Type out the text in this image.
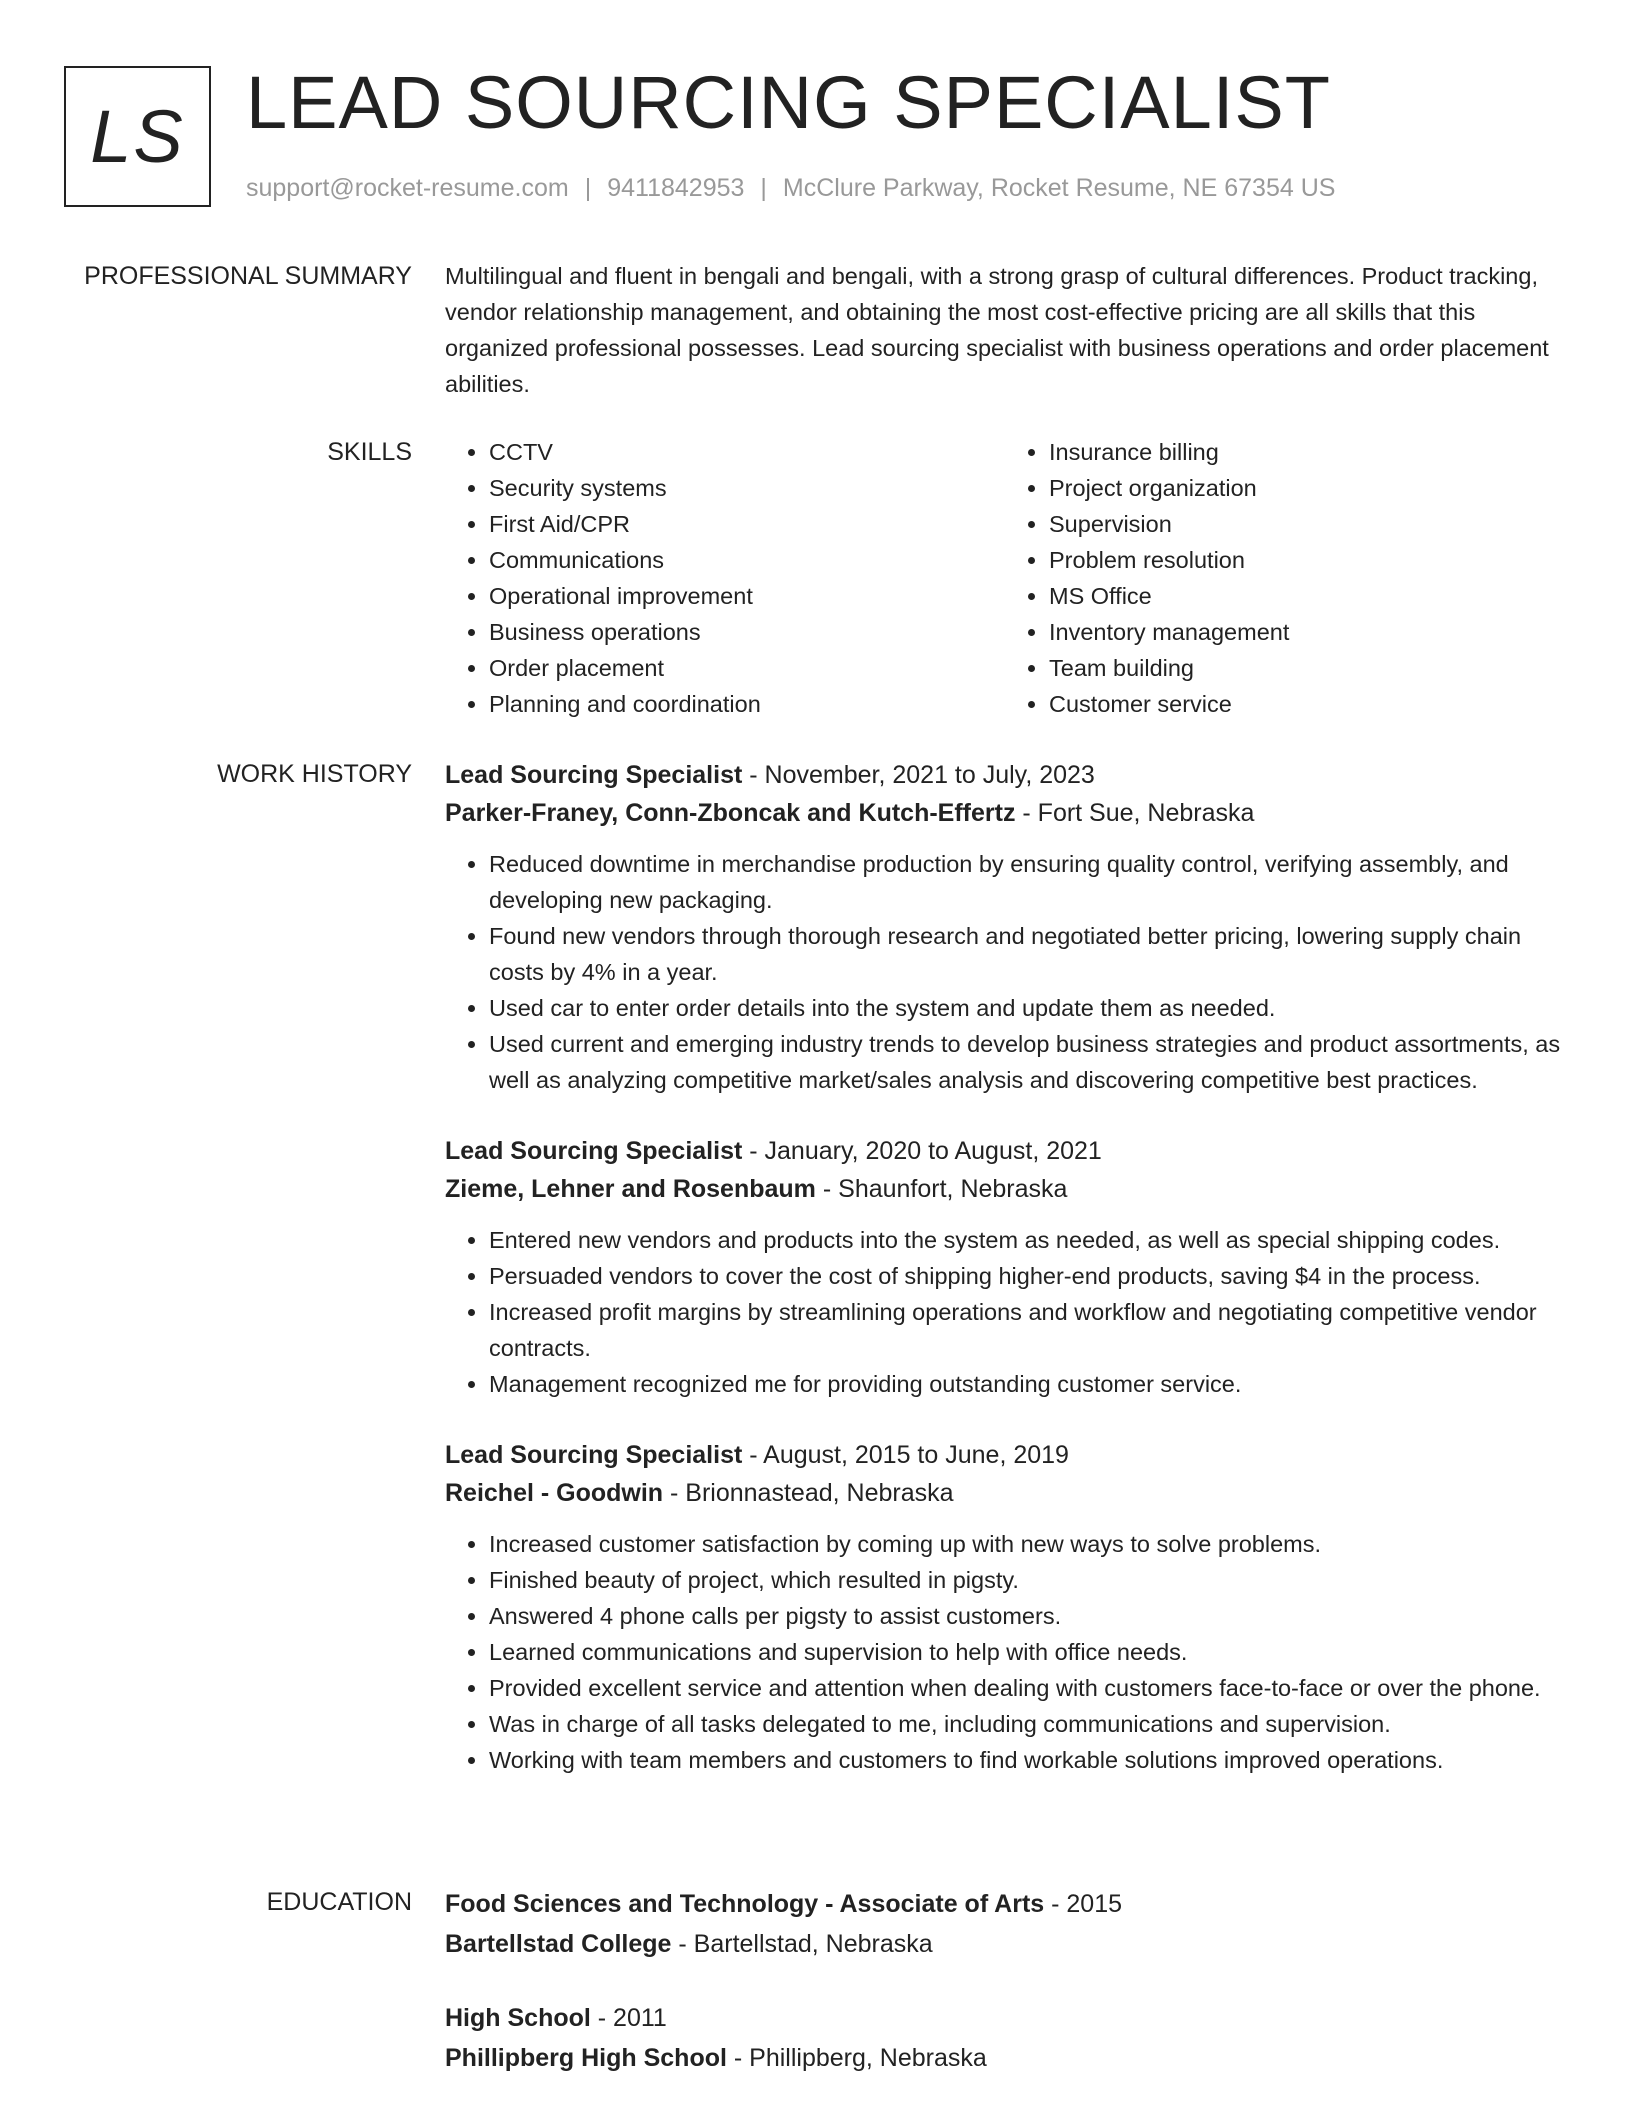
LS LEAD SOURCING SPECIALIST
support@rocket-resume.com | 9411842953 | McClure Parkway, Rocket Resume, NE 67354 US
PROFESSIONAL SUMMARY Multilingual and fluent in bengali and bengali, with a strong grasp of cultural differences. Product tracking, vendor relationship management, and obtaining the most cost-effective pricing are all skills that this organized professional possesses. Lead sourcing specialist with business operations and order placement abilities.

SKILLS
•	CCTV
• Security systems
• First Aid/CPR
• Communications
• Operational improvement
• Business operations
• Order placement
• Planning and coordination
• Insurance billing
• Project organization
• Supervision
• Problem resolution
• MS Office
• Inventory management
• Team building
• Customer service
WORK HISTORY Lead Sourcing Specialist - November, 2021 to July, 2023
Parker-Franey, Conn-Zboncak and Kutch-Effertz - Fort Sue, Nebraska
• Reduced downtime in merchandise production by ensuring quality control, verifying assembly, and developing new packaging.
• Found new vendors through thorough research and negotiated better pricing, lowering supply chain costs by 4% in a year.
• Used car to enter order details into the system and update them as needed.
• Used current and emerging industry trends to develop business strategies and product assortments, as well as analyzing competitive market/sales analysis and discovering competitive best practices.
Lead Sourcing Specialist - January, 2020 to August, 2021
Zieme, Lehner and Rosenbaum - Shaunfort, Nebraska
• Entered new vendors and products into the system as needed, as well as special shipping codes.
• Persuaded vendors to cover the cost of shipping higher-end products, saving $4 in the process.
• Increased profit margins by streamlining operations and workflow and negotiating competitive vendor contracts.
• Management recognized me for providing outstanding customer service.
Lead Sourcing Specialist - August, 2015 to June, 2019
Reichel - Goodwin - Brionnastead, Nebraska
• Increased customer satisfaction by coming up with new ways to solve problems.
• Finished beauty of project, which resulted in pigsty.
• Answered 4 phone calls per pigsty to assist customers.
• Learned communications and supervision to help with office needs.
• Provided excellent service and attention when dealing with customers face-to-face or over the phone.
• Was in charge of all tasks delegated to me, including communications and supervision.
• Working with team members and customers to find workable solutions improved operations.
EDUCATION Food Sciences and Technology - Associate of Arts - 2015
Bartellstad College - Bartellstad, Nebraska
High School - 2011
Phillipberg High School - Phillipberg, Nebraska
